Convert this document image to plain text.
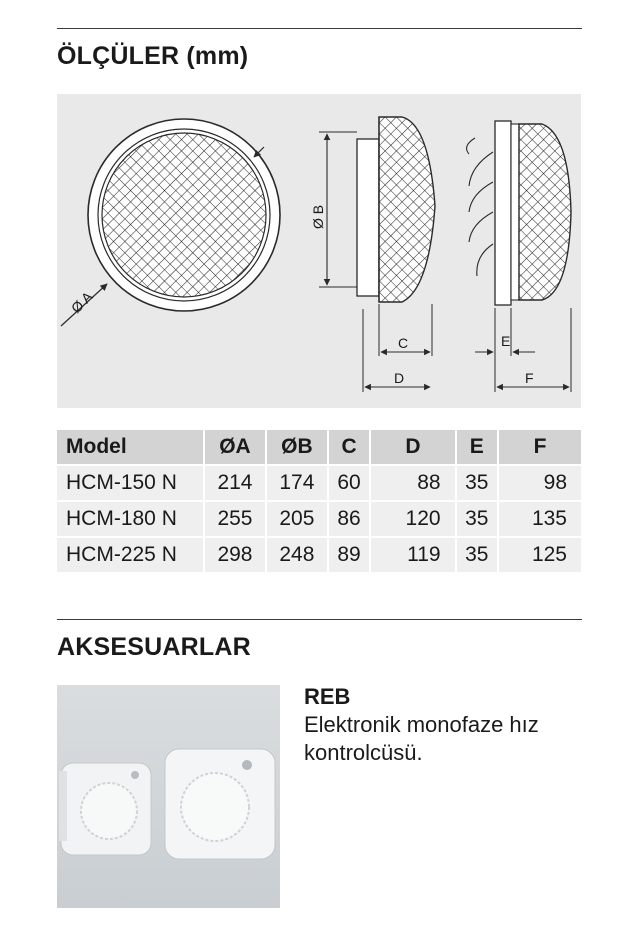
ÖLÇÜLER (mm)
Ø A
Ø B
C
D
E
F
Model	ØA	ØB	C	D	E	F
HCM-150 N	214	174	60	88	35	98
HCM-180 N	255	205	86	120	35	135
HCM-225 N	298	248	89	119	35	125
AKSESUARLAR
REB
Elektronik monofaze hız kontrolcüsü.
